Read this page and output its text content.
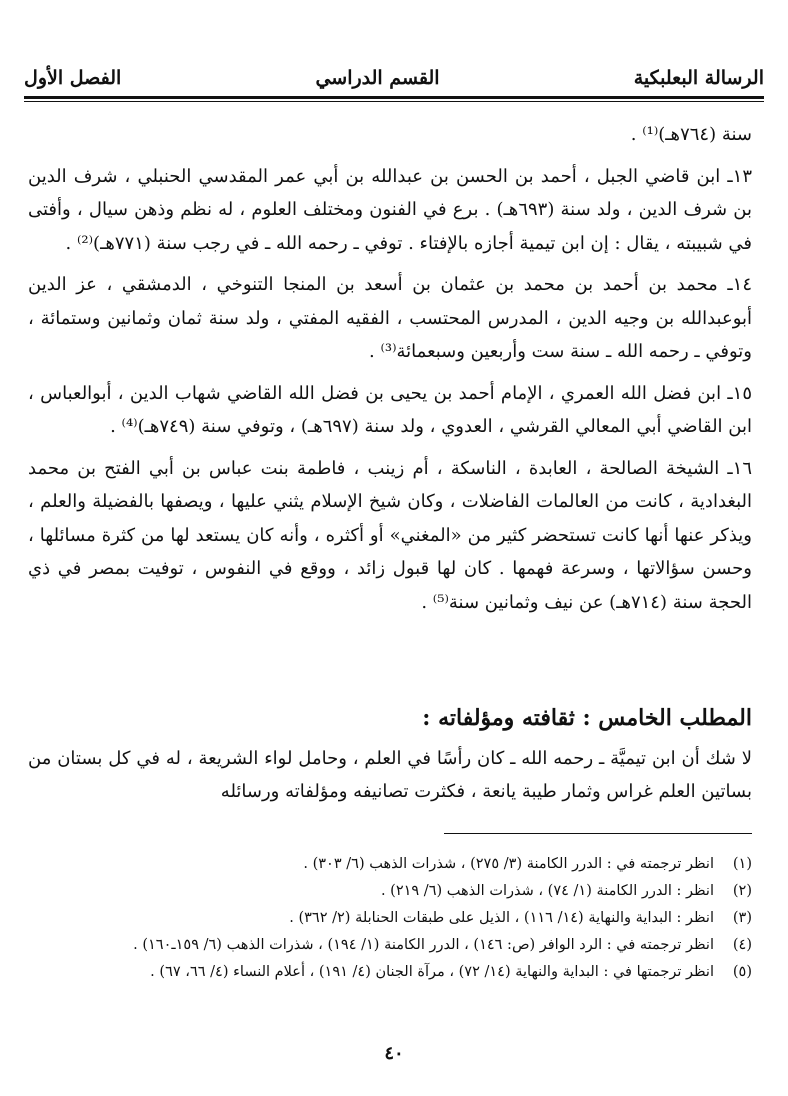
الرسالة البعلبكية
القسم الدراسي
الفصل الأول

سنة (٧٦٤هـ)⁽¹⁾ .

١٣ـ ابن قاضي الجبل ، أحمد بن الحسن بن عبدالله بن أبي عمر المقدسي الحنبلي ، شرف الدين بن شرف الدين ، ولد سنة (٦٩٣هـ) . برع في الفنون ومختلف العلوم ، له نظم وذهن سيال ، وأفتى في شبيبته ، يقال : إن ابن تيمية أجازه بالإفتاء . توفي ـ رحمه الله ـ في رجب سنة (٧٧١هـ)⁽²⁾ .

١٤ـ محمد بن أحمد بن محمد بن عثمان بن أسعد بن المنجا التنوخي ، الدمشقي ، عز الدين أبوعبدالله بن وجيه الدين ، المدرس المحتسب ، الفقيه المفتي ، ولد سنة ثمان وثمانين وستمائة ، وتوفي ـ رحمه الله ـ سنة ست وأربعين وسبعمائة⁽³⁾ .

١٥ـ ابن فضل الله العمري ، الإمام أحمد بن يحيى بن فضل الله القاضي شهاب الدين ، أبوالعباس ، ابن القاضي أبي المعالي القرشي ، العدوي ، ولد سنة (٦٩٧هـ) ، وتوفي سنة (٧٤٩هـ)⁽⁴⁾ .

١٦ـ الشيخة الصالحة ، العابدة ، الناسكة ، أم زينب ، فاطمة بنت عباس بن أبي الفتح بن محمد البغدادية ، كانت من العالمات الفاضلات ، وكان شيخ الإسلام يثني عليها ، ويصفها بالفضيلة والعلم ، ويذكر عنها أنها كانت تستحضر كثير من «المغني» أو أكثره ، وأنه كان يستعد لها من كثرة مسائلها ، وحسن سؤالاتها ، وسرعة فهمها . كان لها قبول زائد ، ووقع في النفوس ، توفيت بمصر في ذي الحجة سنة (٧١٤هـ) عن نيف وثمانين سنة⁽⁵⁾ .

المطلب الخامس : ثقافته ومؤلفاته :

لا شك أن ابن تيميَّة ـ رحمه الله ـ كان رأسًا في العلم ، وحامل لواء الشريعة ، له في كل بستان من بساتين العلم غراس وثمار طيبة يانعة ، فكثرت تصانيفه ومؤلفاته ورسائله

(١)
انظر ترجمته في : الدرر الكامنة (٣/ ٢٧٥) ، شذرات الذهب (٦/ ٣٠٣) .
(٢)
انظر : الدرر الكامنة (١/ ٧٤) ، شذرات الذهب (٦/ ٢١٩) .
(٣)
انظر : البداية والنهاية (١٤/ ١١٦) ، الذيل على طبقات الحنابلة (٢/ ٣٦٢) .
(٤)
انظر ترجمته في : الرد الوافر (ص: ١٤٦) ، الدرر الكامنة (١/ ١٩٤) ، شذرات الذهب (٦/ ١٥٩ـ١٦٠) .
(٥)
انظر ترجمتها في : البداية والنهاية (١٤/ ٧٢) ، مرآة الجنان (٤/ ١٩١) ، أعلام النساء (٤/ ٦٦، ٦٧) .
٤٠
